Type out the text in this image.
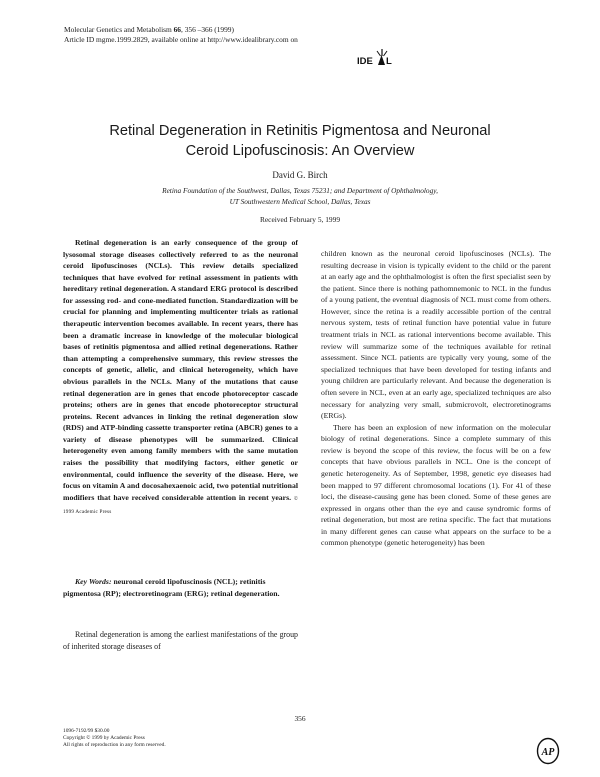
Molecular Genetics and Metabolism 66, 356 –366 (1999)
Article ID mgme.1999.2829, available online at http://www.idealibrary.com on
IDE L
Retinal Degeneration in Retinitis Pigmentosa and Neuronal
Ceroid Lipofuscinosis: An Overview
David G. Birch
Retina Foundation of the Southwest, Dallas, Texas 75231; and Department of Ophthalmology,
UT Southwestern Medical School, Dallas, Texas
Received February 5, 1999

Retinal degeneration is an early consequence of the group of lysosomal storage diseases collectively referred to as the neuronal ceroid lipofuscinoses (NCLs). This review details specialized techniques that have evolved for retinal assessment in patients with hereditary retinal degeneration. A standard ERG protocol is described for assessing rod- and cone-mediated function. Standardization will be crucial for planning and implementing multicenter trials as rational therapeutic intervention becomes available. In recent years, there has been a dramatic increase in knowledge of the molecular biological bases of retinitis pigmentosa and allied retinal degenerations. Rather than attempting a comprehensive summary, this review stresses the concepts of genetic, allelic, and clinical heterogeneity, which have obvious parallels in the NCLs. Many of the mutations that cause retinal degeneration are in genes that encode photoreceptor cascade proteins; others are in genes that encode photoreceptor structural proteins. Recent advances in linking the retinal degeneration slow (RDS) and ATP-binding cassette transporter retina (ABCR) genes to a variety of disease phenotypes will be summarized. Clinical heterogeneity even among family members with the same mutation raises the possibility that modifying factors, either genetic or environmental, could influence the severity of the disease. Here, we focus on vitamin A and docosahexaenoic acid, two potential nutritional modifiers that have received considerable attention in recent years. © 1999 Academic Press

Key Words: neuronal ceroid lipofuscinosis (NCL); retinitis pigmentosa (RP); electroretinogram (ERG); retinal degeneration.

Retinal degeneration is among the earliest manifestations of the group of inherited storage diseases of

children known as the neuronal ceroid lipofuscinoses (NCLs). The resulting decrease in vision is typically evident to the child or the parent at an early age and the ophthalmologist is often the first specialist seen by the patient. Since there is nothing pathomnemonic to NCL in the fundus of a young patient, the eventual diagnosis of NCL must come from others. However, since the retina is a readily accessible portion of the central nervous system, tests of retinal function have potential value in future treatment trials in NCL as rational interventions become available. This review will summarize some of the techniques available for retinal assessment. Since NCL patients are typically very young, some of the specialized techniques that have been developed for testing infants and young children are particularly relevant. And because the degeneration is often severe in NCL, even at an early age, specialized techniques are also necessary for analyzing very small, submicrovolt, electroretinograms (ERGs).

There has been an explosion of new information on the molecular biology of retinal degenerations. Since a complete summary of this review is beyond the scope of this review, the focus will be on a few concepts that have obvious parallels in NCL. One is the concept of genetic heterogeneity. As of September, 1998, genetic eye diseases had been mapped to 97 different chromosomal locations (1). For 41 of these loci, the disease-causing gene has been cloned. Some of these genes are expressed in organs other than the eye and cause syndromic forms of retinal degeneration, but most are retina specific. The fact that mutations in many different genes can cause what appears on the surface to be a common phenotype (genetic heterogeneity) has been

356
1096-7192/99 $30.00
Copyright © 1999 by Academic Press
All rights of reproduction in any form reserved.
AP
